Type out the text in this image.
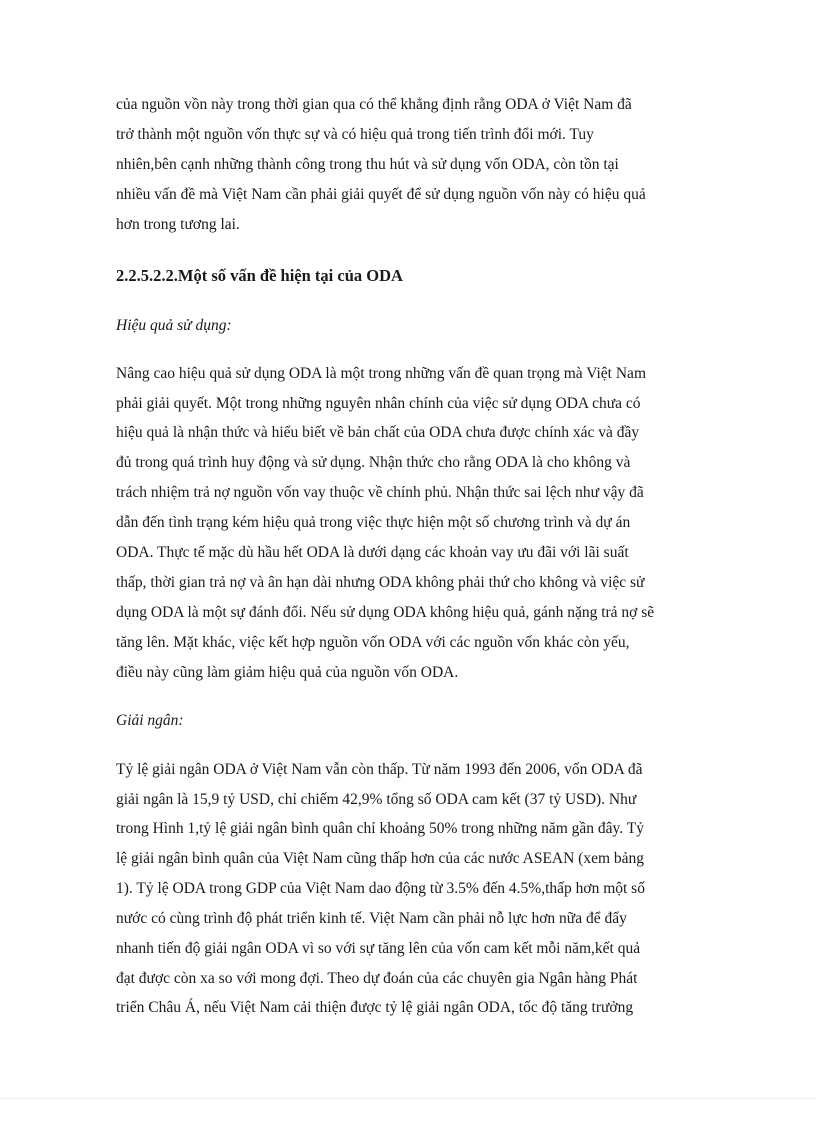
của nguồn vồn này trong thời gian qua có thể khẳng định rằng ODA ở Việt Nam đã
trở thành một nguồn vốn thực sự và có hiệu quả trong tiến trình đổi mới. Tuy
nhiên,bên cạnh những thành công trong thu hút và sử dụng vốn ODA, còn tồn tại
nhiều vấn đề mà Việt Nam cần phải giải quyết để sử dụng nguồn vốn này có hiệu quả
hơn trong tương lai.
2.2.5.2.2.Một số vấn đề hiện tại của ODA
Hiệu quả sử dụng:
Nâng cao hiệu quả sử dụng ODA là một trong những vấn đề quan trọng mà Việt Nam
phải giải quyết. Một trong những nguyên nhân chính của việc sử dụng ODA chưa có
hiệu quả là nhận thức và hiểu biết về bản chất của ODA chưa được chính xác và đầy
đủ trong quá trình huy động và sử dụng. Nhận thức cho rằng ODA là cho không và
trách nhiệm trả nợ nguồn vốn vay thuộc về chính phủ. Nhận thức sai lệch như vậy đã
dẫn đến tình trạng kém hiệu quả trong việc thực hiện một số chương trình và dự án
ODA. Thực tế mặc dù hầu hết ODA là dưới dạng các khoản vay ưu đãi với lãi suất
thấp, thời gian trả nợ và ân hạn dài nhưng ODA không phải thứ cho không và việc sử
dụng ODA là một sự đánh đổi. Nếu sử dụng ODA không hiệu quả, gánh nặng trả nợ sẽ
tăng lên. Mặt khác, việc kết hợp nguồn vốn ODA với các nguồn vốn khác còn yếu,
điều này cũng làm giảm hiệu quả của nguồn vốn ODA.
Giải ngân:
Tỷ lệ giải ngân ODA ở Việt Nam vẫn còn thấp. Từ năm 1993 đến 2006, vốn ODA đã
giải ngân là 15,9 tỷ USD, chỉ chiếm 42,9% tổng số ODA cam kết (37 tỷ USD). Như
trong Hình 1,tỷ lệ giải ngân bình quân chỉ khoảng 50% trong những năm gần đây. Tỷ
lệ giải ngân bình quân của Việt Nam cũng thấp hơn của các nước ASEAN (xem bảng
1). Tỷ lệ ODA trong GDP của Việt Nam dao động từ 3.5% đến 4.5%,thấp hơn một số
nước có cùng trình độ phát triển kinh tế. Việt Nam cần phải nỗ lực hơn nữa để đẩy
nhanh tiến độ giải ngân ODA vì so với sự tăng lên của vốn cam kết mỗi năm,kết quả
đạt được còn xa so với mong đợi. Theo dự đoán của các chuyên gia Ngân hàng Phát
triển Châu Á, nếu Việt Nam cải thiện được tỷ lệ giải ngân ODA, tốc độ tăng trưởng
